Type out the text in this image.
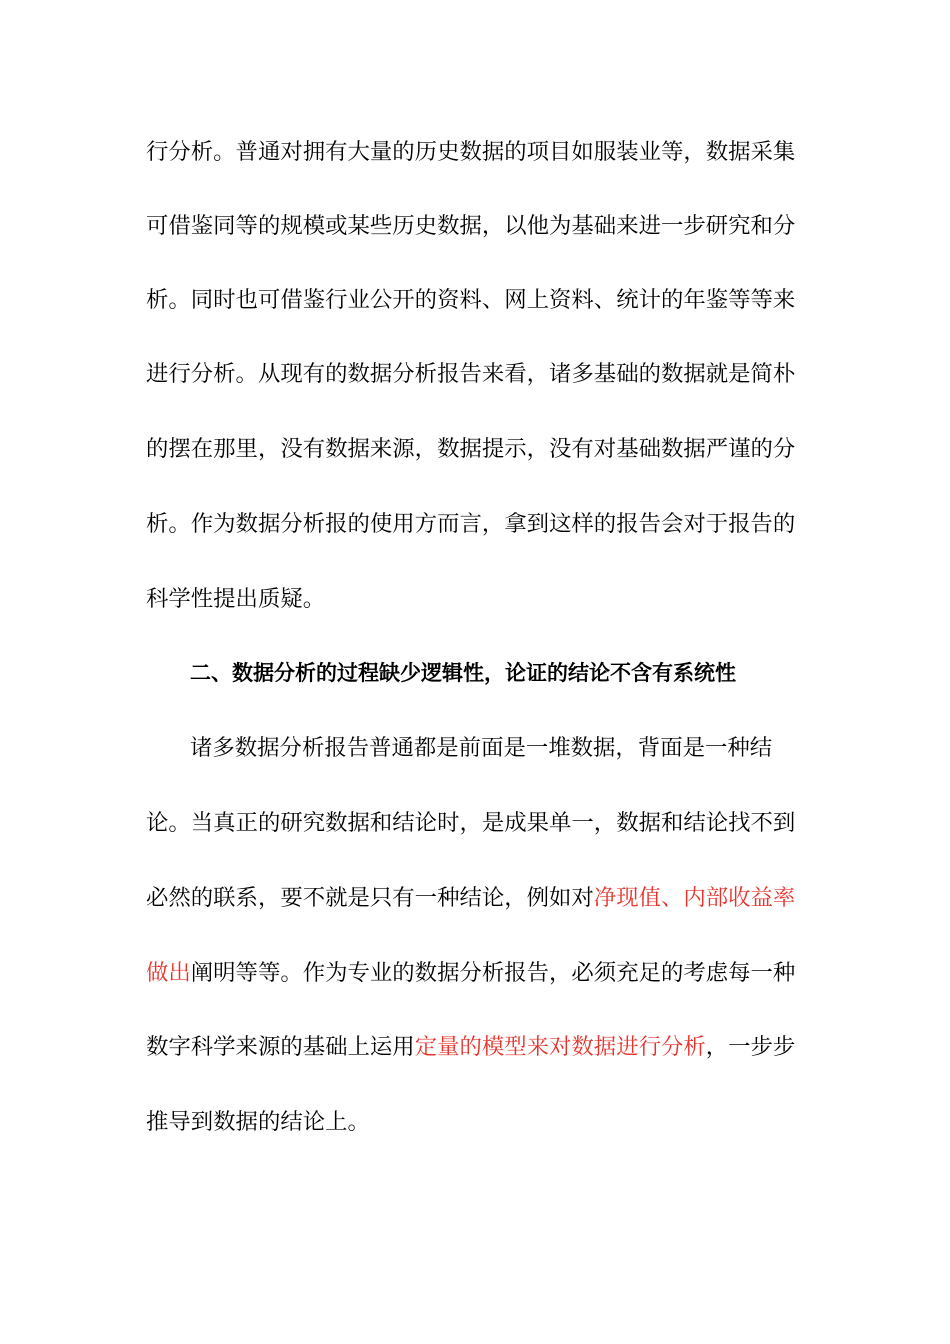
行分析。普通对拥有大量的历史数据的项目如服装业等，数据采集
可借鉴同等的规模或某些历史数据，以他为基础来进一步研究和分
析。同时也可借鉴行业公开的资料、网上资料、统计的年鉴等等来
进行分析。从现有的数据分析报告来看，诸多基础的数据就是简朴
的摆在那里，没有数据来源，数据提示，没有对基础数据严谨的分
析。作为数据分析报的使用方而言，拿到这样的报告会对于报告的
科学性提出质疑。
二、数据分析的过程缺少逻辑性，论证的结论不含有系统性
诸多数据分析报告普通都是前面是一堆数据，背面是一种结
论。当真正的研究数据和结论时，是成果单一，数据和结论找不到
必然的联系，要不就是只有一种结论，例如对净现值、内部收益率
做出阐明等等。作为专业的数据分析报告，必须充足的考虑每一种
数字科学来源的基础上运用定量的模型来对数据进行分析，一步步
推导到数据的结论上。
